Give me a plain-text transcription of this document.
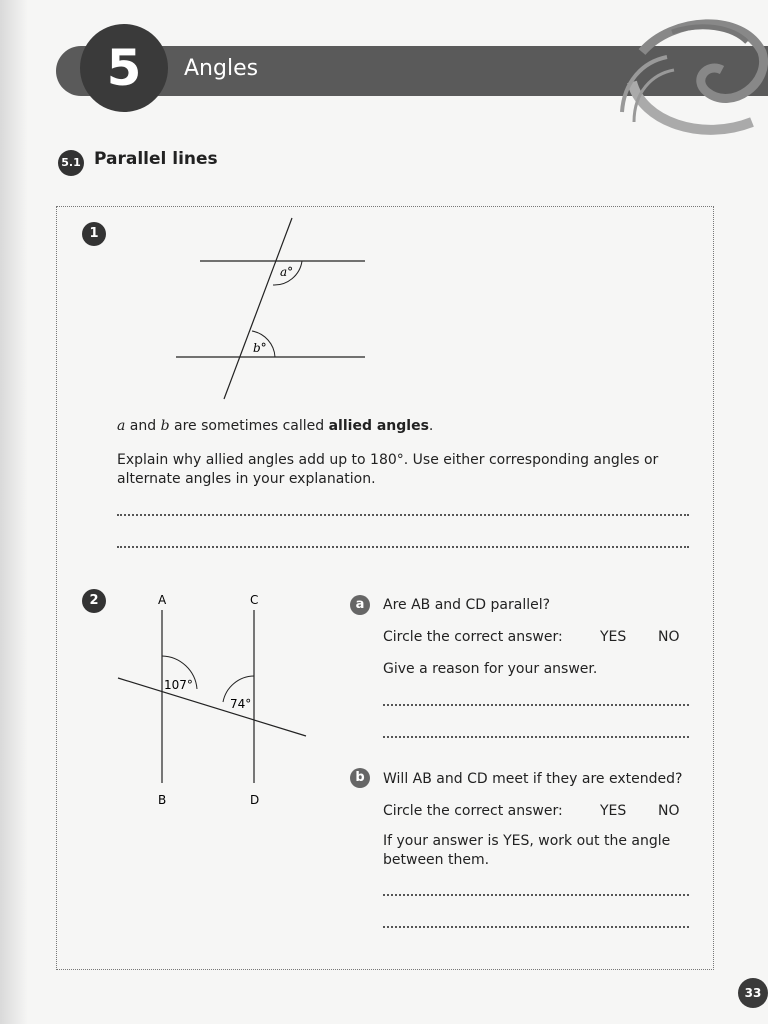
5	Angles
5.1 Parallel lines
1
a°
b°
a and b are sometimes called allied angles.
Explain why allied angles add up to 180°. Use either corresponding angles or
alternate angles in your explanation.
2	A	C
B	D
107°
74°
a	Are AB and CD parallel?
Circle the correct answer:	YES NO
Give a reason for your answer.
b	Will AB and CD meet if they are extended?
Circle the correct answer:	YES NO
If your answer is YES, work out the angle
between them.
33
